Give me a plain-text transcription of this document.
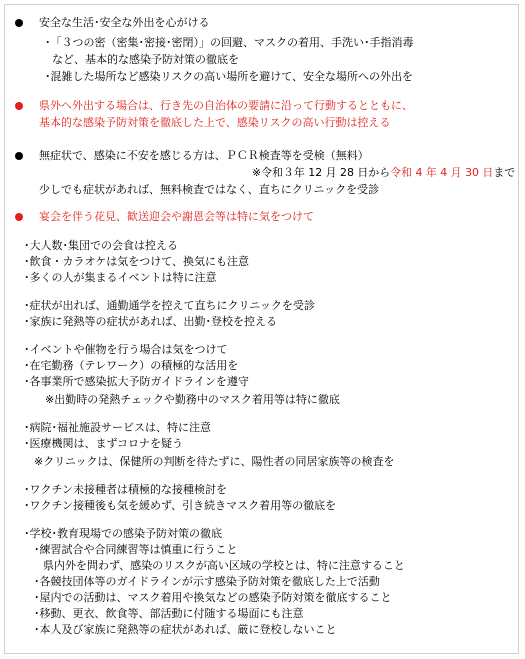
安全な生活･安全な外出を心がける
･「３つの密（密集･密接･密閉）」の回避、マスクの着用、手洗い･手指消毒
など、基本的な感染予防対策の徹底を
･混雑した場所など感染リスクの高い場所を避けて、安全な場所への外出を
県外へ外出する場合は、行き先の自治体の要請に沿って行動するとともに、
基本的な感染予防対策を徹底した上で、感染リスクの高い行動は控える
無症状で、感染に不安を感じる方は、ＰＣＲ検査等を受検（無料）
※令和３年 12 月 28 日から令和 4 年 4 月 30 日まで
少しでも症状があれば、無料検査ではなく、直ちにクリニックを受診
宴会を伴う花見、歓送迎会や謝恩会等は特に気をつけて
･大人数･集団での会食は控える
･飲食・カラオケは気をつけて、換気にも注意
･多くの人が集まるイベントは特に注意
･症状が出れば、通勤通学を控えて直ちにクリニックを受診
･家族に発熱等の症状があれば、出勤･登校を控える
･イベントや催物を行う場合は気をつけて
･在宅勤務（テレワーク）の積極的な活用を
･各事業所で感染拡大予防ガイドラインを遵守
※出勤時の発熱チェックや勤務中のマスク着用等は特に徹底
･病院･福祉施設サービスは、特に注意
･医療機関は、まずコロナを疑う
※クリニックは、保健所の判断を待たずに、陽性者の同居家族等の検査を
･ワクチン未接種者は積極的な接種検討を
･ワクチン接種後も気を緩めず、引き続きマスク着用等の徹底を
･学校･教育現場での感染予防対策の徹底
･練習試合や合同練習等は慎重に行うこと
県内外を問わず、感染のリスクが高い区域の学校とは、特に注意すること
･各競技団体等のガイドラインが示す感染予防対策を徹底した上で活動
･屋内での活動は、マスク着用や換気などの感染予防対策を徹底すること
･移動、更衣、飲食等、部活動に付随する場面にも注意
･本人及び家族に発熱等の症状があれば、厳に登校しないこと
